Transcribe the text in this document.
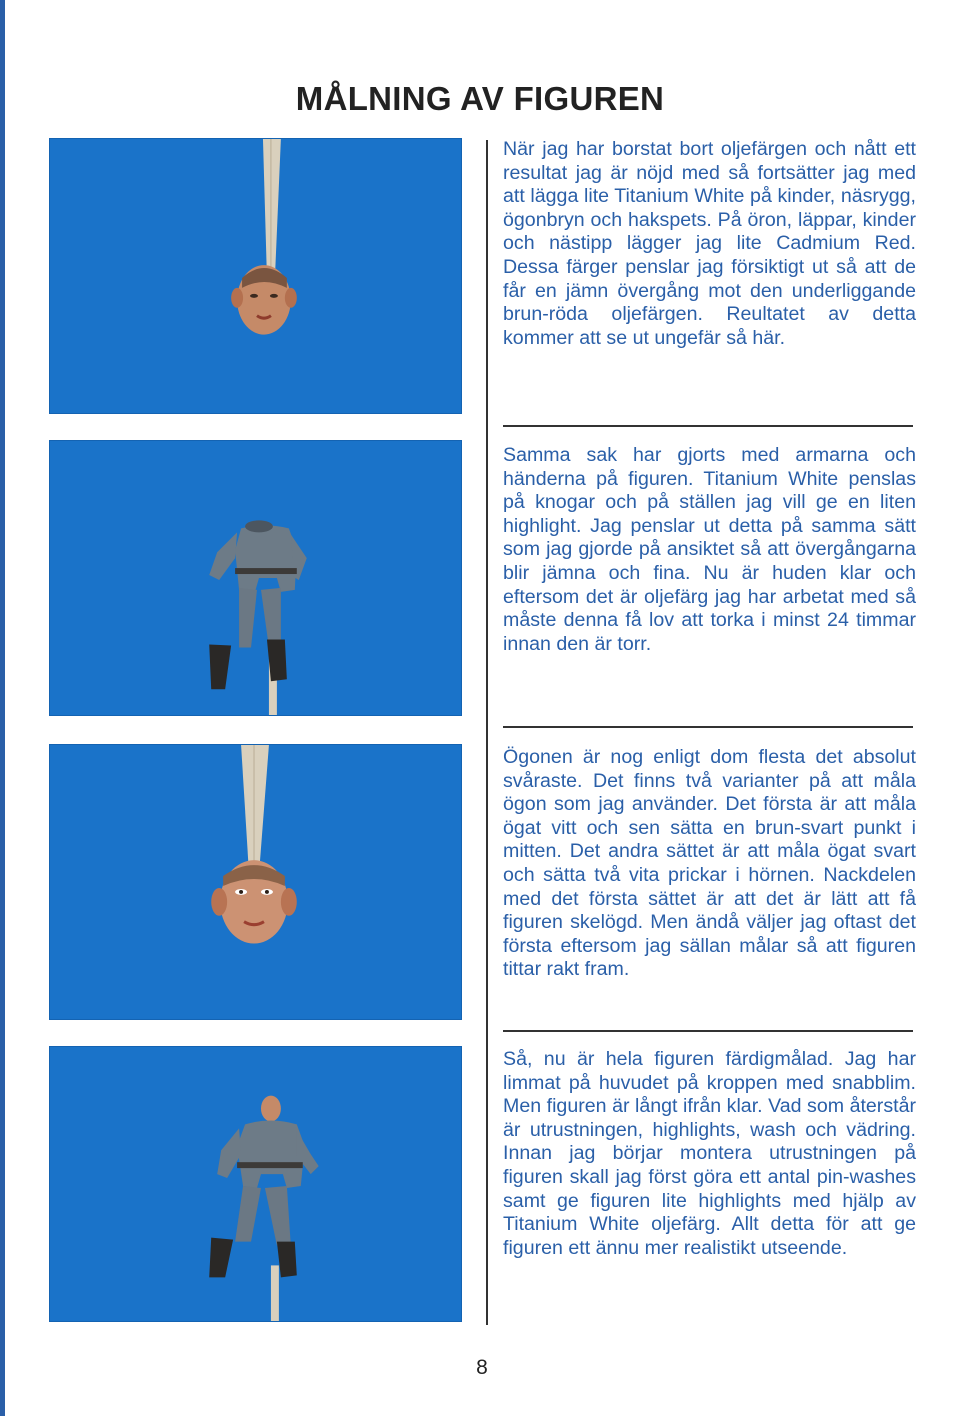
MÅLNING AV FIGUREN

När jag har borstat bort oljefärgen och nått ett resultat jag är nöjd med så fortsätter jag med att lägga lite Titanium White på kinder, näsrygg, ögonbryn och hakspets. På öron, läppar, kinder och nästipp lägger jag lite Cadmium Red. Dessa färger penslar jag försiktigt ut så att de får en jämn övergång mot den underliggande brun-röda oljefärgen. Reultatet av detta kommer att se ut ungefär så här.

Samma sak har gjorts med armarna och händerna på figuren. Titanium White penslas på knogar och på ställen jag vill ge en liten highlight. Jag penslar ut detta på samma sätt som jag gjorde på ansiktet så att övergångarna blir jämna och fina. Nu är huden klar och eftersom det är oljefärg jag har arbetat med så måste denna få lov att torka i minst 24 timmar innan den är torr.

Ögonen är nog enligt dom flesta det absolut svåraste. Det finns två varianter på att måla ögon som jag använder. Det första är att måla ögat vitt och sen sätta en brun-svart punkt i mitten. Det andra sättet är att måla ögat svart och sätta två vita prickar i hörnen. Nackdelen med det första sättet är att det är lätt att få figuren skelögd. Men ändå väljer jag oftast det första eftersom jag sällan målar så att figuren tittar rakt fram.

Så, nu är hela figuren färdigmålad. Jag har limmat på huvudet på kroppen med snabblim. Men figuren är långt ifrån klar. Vad som återstår är utrustningen, highlights, wash och vädring. Innan jag börjar montera utrustningen på figuren skall jag först göra ett antal pin-washes samt ge figuren lite highlights med hjälp av Titanium White oljefärg. Allt detta för att ge figuren ett ännu mer realistikt utseende.

8
